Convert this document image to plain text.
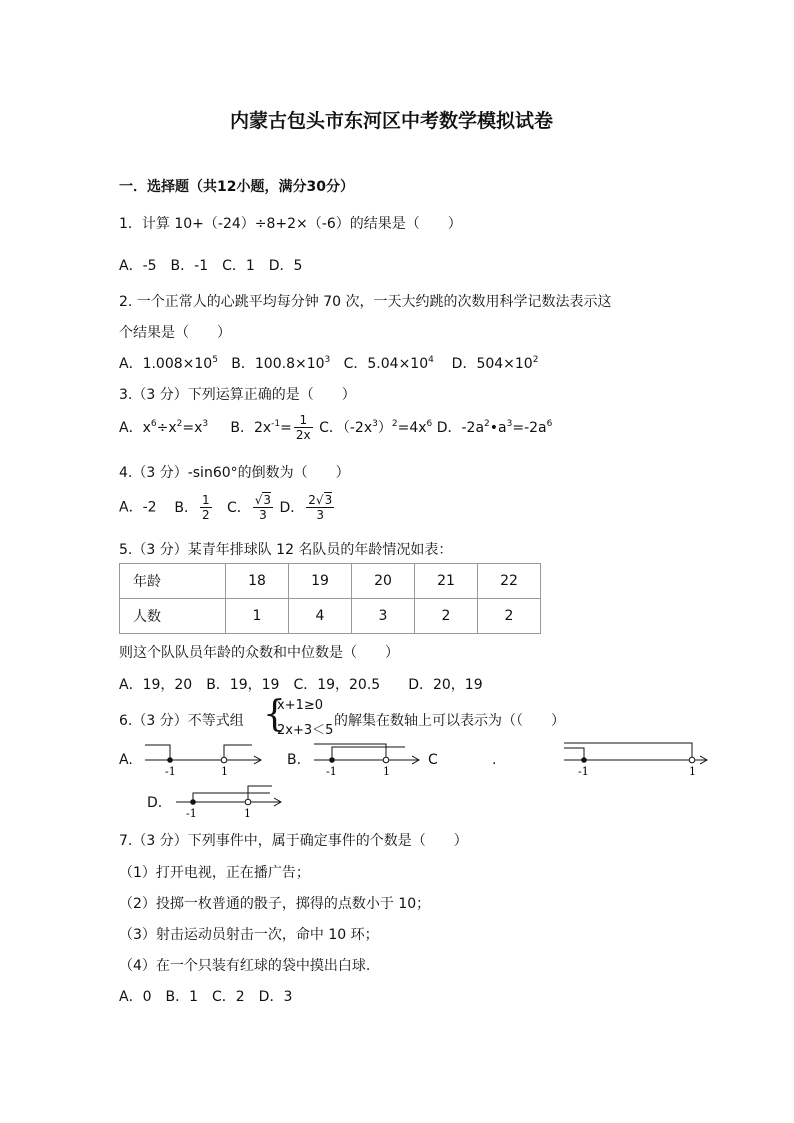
内蒙古包头市东河区中考数学模拟试卷
一．选择题（共12小题，满分30分）
1．计算 10+（-24）÷8+2×（-6）的结果是（　　）
A．-5　B．-1　C．1　D．5
2. 一个正常人的心跳平均每分钟 70 次，一天大约跳的次数用科学记数法表示这
个结果是（　　）
A．$1.008\times 10^5$ B．$100.8\times 10^3$ C．$5.04\times 10^4$ D．$504\times 10^2$
3.（3 分）下列运算正确的是（　　）
A．$x^6\div x^2=x^3$ B．$2x^{-1}= \frac{1}{2x}$ C．$(-2x^3)^2=4x^6$ D．$-2a^2•a^3=-2a^6$
4.（3 分）-sin60°的倒数为（　　）
A．-2 B． $\frac{1}{2}$ C． $\frac{√3}{3}$ D． $\frac{2√3}{3}$
5.（3 分）某青年排球队 12 名队员的年龄情况如表：
年龄	18	19	20	21	22
人数	1	4	3	2	2
则这个队队员年龄的众数和中位数是（　　）
A．19，20　B．19，19　C．19，20.5　　D．20，19
6.（3 分）不等式组 {
x+1≥0
2x+3＜5
的解集在数轴上可以表示为（（　　）
A.	B.	C	.
D.
-1	1	-1	1	-1	1
-1	1
7.（3 分）下列事件中，属于确定事件的个数是（　　）
（1）打开电视，正在播广告；
（2）投掷一枚普通的骰子，掷得的点数小于 10；
（3）射击运动员射击一次，命中 10 环；
（4）在一个只装有红球的袋中摸出白球.
A．0　B．1　C．2　D．3
